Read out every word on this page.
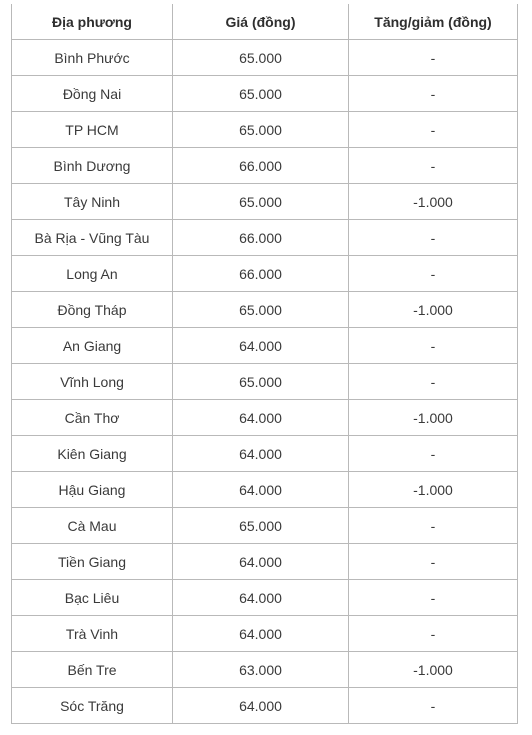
Địa phương	Giá (đồng)	Tăng/giảm (đồng)
Bình Phước	65.000	-
Đồng Nai	65.000	-
TP HCM	65.000	-
Bình Dương	66.000	-
Tây Ninh	65.000	-1.000
Bà Rịa - Vũng Tàu	66.000	-
Long An	66.000	-
Đồng Tháp	65.000	-1.000
An Giang	64.000	-
Vĩnh Long	65.000	-
Cần Thơ	64.000	-1.000
Kiên Giang	64.000	-
Hậu Giang	64.000	-1.000
Cà Mau	65.000	-
Tiền Giang	64.000	-
Bạc Liêu	64.000	-
Trà Vinh	64.000	-
Bến Tre	63.000	-1.000
Sóc Trăng	64.000	-
